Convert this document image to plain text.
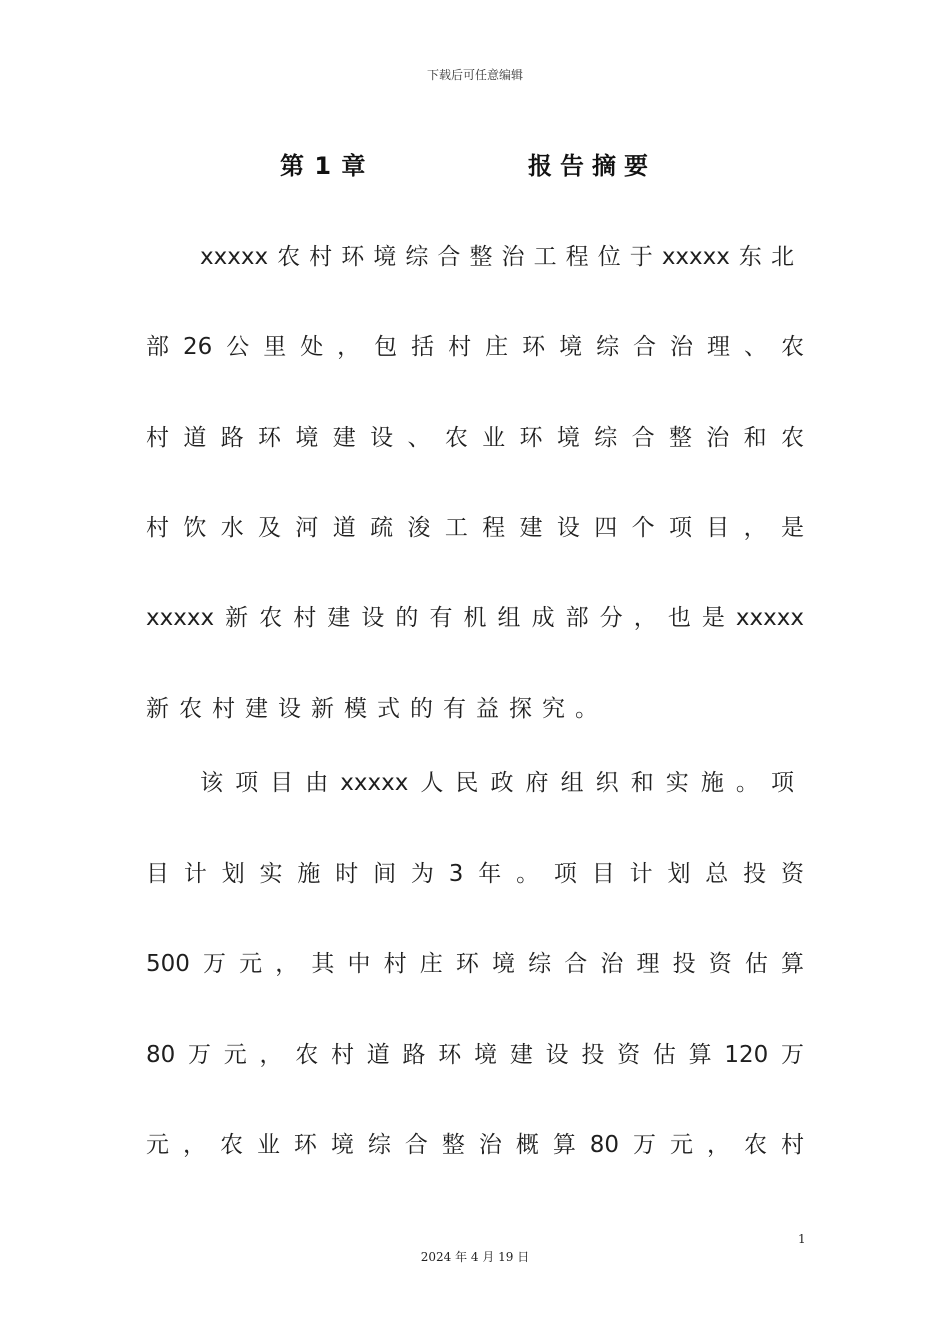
下载后可任意编辑
第 1 章	报告摘要
xxxxx农村环境综合整治工程位于xxxxx东北
部26公里处，包括村庄环境综合治理、农
村道路环境建设、农业环境综合整治和农
村饮水及河道疏浚工程建设四个项目，是
xxxxx新农村建设的有机组成部分，也是xxxxx
新农村建设新模式的有益探究。
该项目由xxxxx人民政府组织和实施。项
目计划实施时间为3年。项目计划总投资
500万元，其中村庄环境综合治理投资估算
80万元，农村道路环境建设投资估算120万
元，农业环境综合整治概算80万元，农村
1
2024 年 4 月 19 日
